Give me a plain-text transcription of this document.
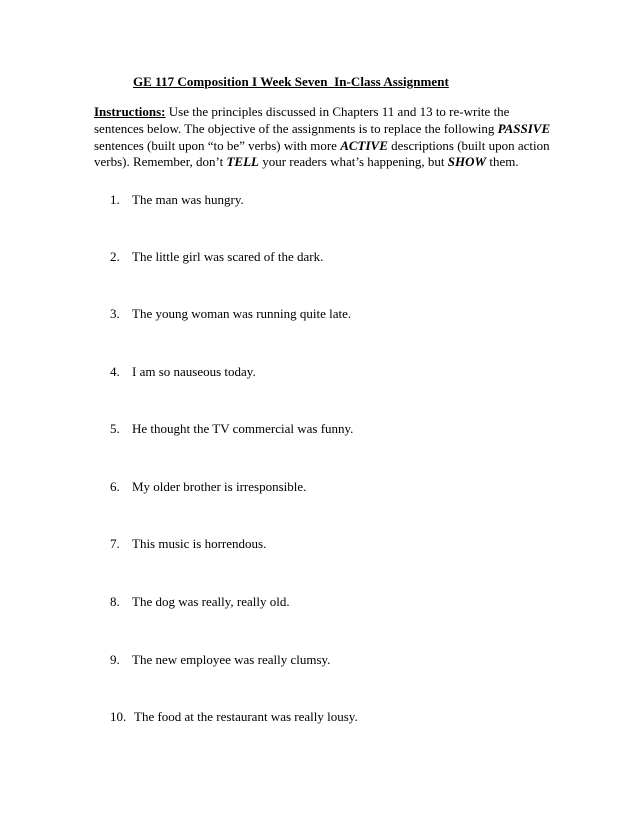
GE 117 Composition I Week Seven  In-Class Assignment
Instructions: Use the principles discussed in Chapters 11 and 13 to re-write the
sentences below. The objective of the assignments is to replace the following PASSIVE
sentences (built upon “to be” verbs) with more ACTIVE descriptions (built upon action
verbs). Remember, don’t TELL your readers what’s happening, but SHOW them.
1. The man was hungry.
2. The little girl was scared of the dark.
3. The young woman was running quite late.
4. I am so nauseous today.
5. He thought the TV commercial was funny.
6. My older brother is irresponsible.
7. This music is horrendous.
8. The dog was really, really old.
9. The new employee was really clumsy.
10. The food at the restaurant was really lousy.
